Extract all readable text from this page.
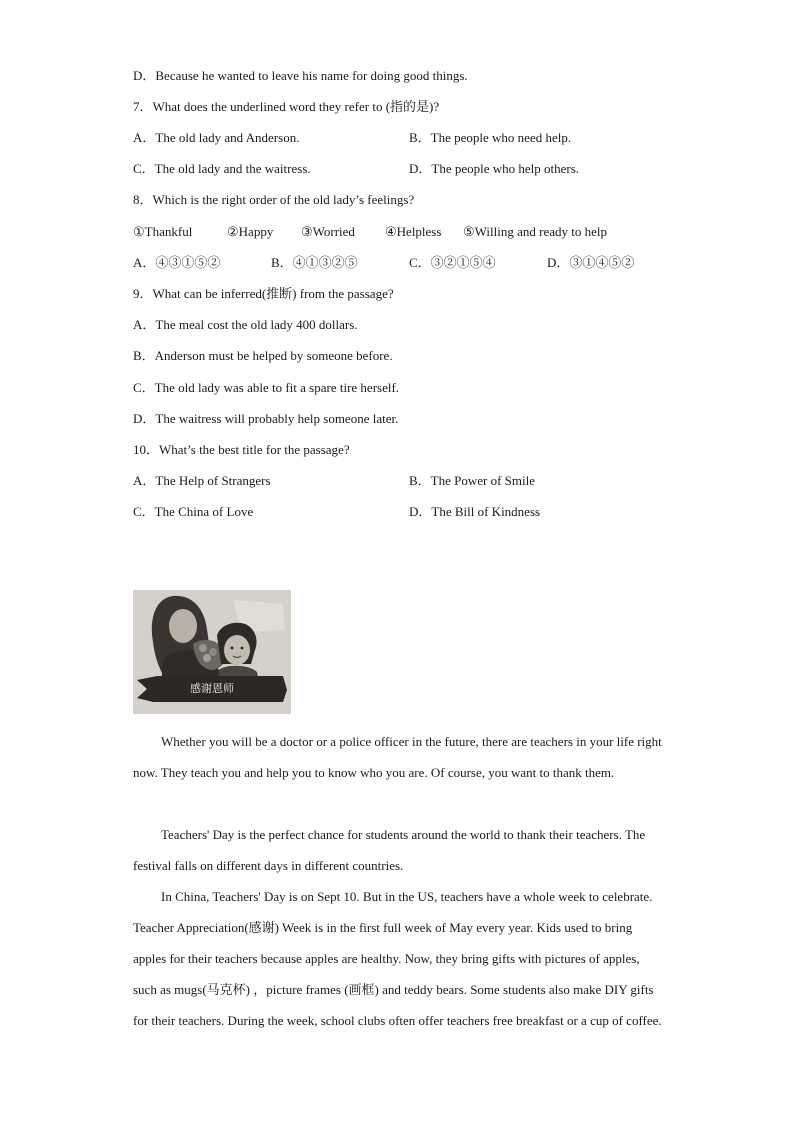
D．Because he wanted to leave his name for doing good things.
7．What does the underlined word they refer to (指的是)?
A．The old lady and Anderson.	B．The people who need help.
C．The old lady and the waitress.	D．The people who help others.
8．Which is the right order of the old lady’s feelings?
①Thankful	②Happy ③Worried ④Helpless ⑤Willing and ready to help
A．④③①⑤②	B．④①③②⑤	C．③②①⑤④	D．③①④⑤②
9．What can be inferred(推断) from the passage?
A．The meal cost the old lady 400 dollars.
B．Anderson must be helped by someone before.
C．The old lady was able to fit a spare tire herself.
D．The waitress will probably help someone later.
10．What’s the best title for the passage?
A．The Help of Strangers	B．The Power of Smile
C．The China of Love	D．The Bill of Kindness
感谢恩师
Whether you will be a doctor or a police officer in the future, there are teachers in your life right now. They teach you and help you to know who you are. Of course, you want to thank them.
Teachers' Day is the perfect chance for students around the world to thank their teachers. The festival falls on different days in different countries.
In China, Teachers' Day is on Sept 10. But in the US, teachers have a whole week to celebrate. Teacher Appreciation(感谢) Week is in the first full week of May every year. Kids used to bring apples for their teachers because apples are healthy. Now, they bring gifts with pictures of apples, such as mugs(马克杯) ，picture frames (画框) and teddy bears. Some students also make DIY gifts for their teachers. During the week, school clubs often offer teachers free breakfast or a cup of coffee.
